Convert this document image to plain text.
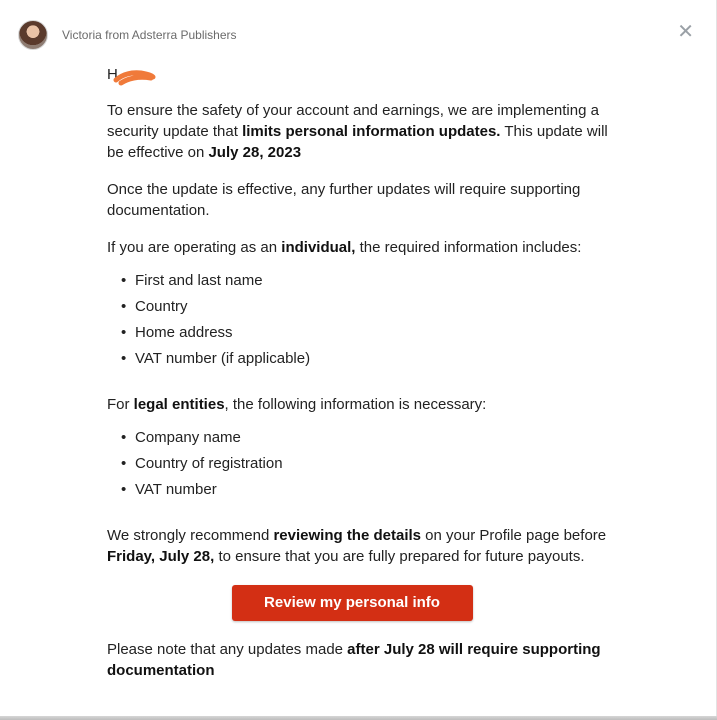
Victoria from Adsterra Publishers	✕
H

To ensure the safety of your account and earnings, we are implementing a security update that limits personal information updates. This update will be effective on July 28, 2023

Once the update is effective, any further updates will require supporting documentation.

If you are operating as an individual, the required information includes:

• First and last name
• Country
• Home address
• VAT number (if applicable)

For legal entities, the following information is necessary:

• Company name
• Country of registration
• VAT number

We strongly recommend reviewing the details on your Profile page before Friday, July 28, to ensure that you are fully prepared for future payouts.

Review my personal info

Please note that any updates made after July 28 will require supporting documentation
